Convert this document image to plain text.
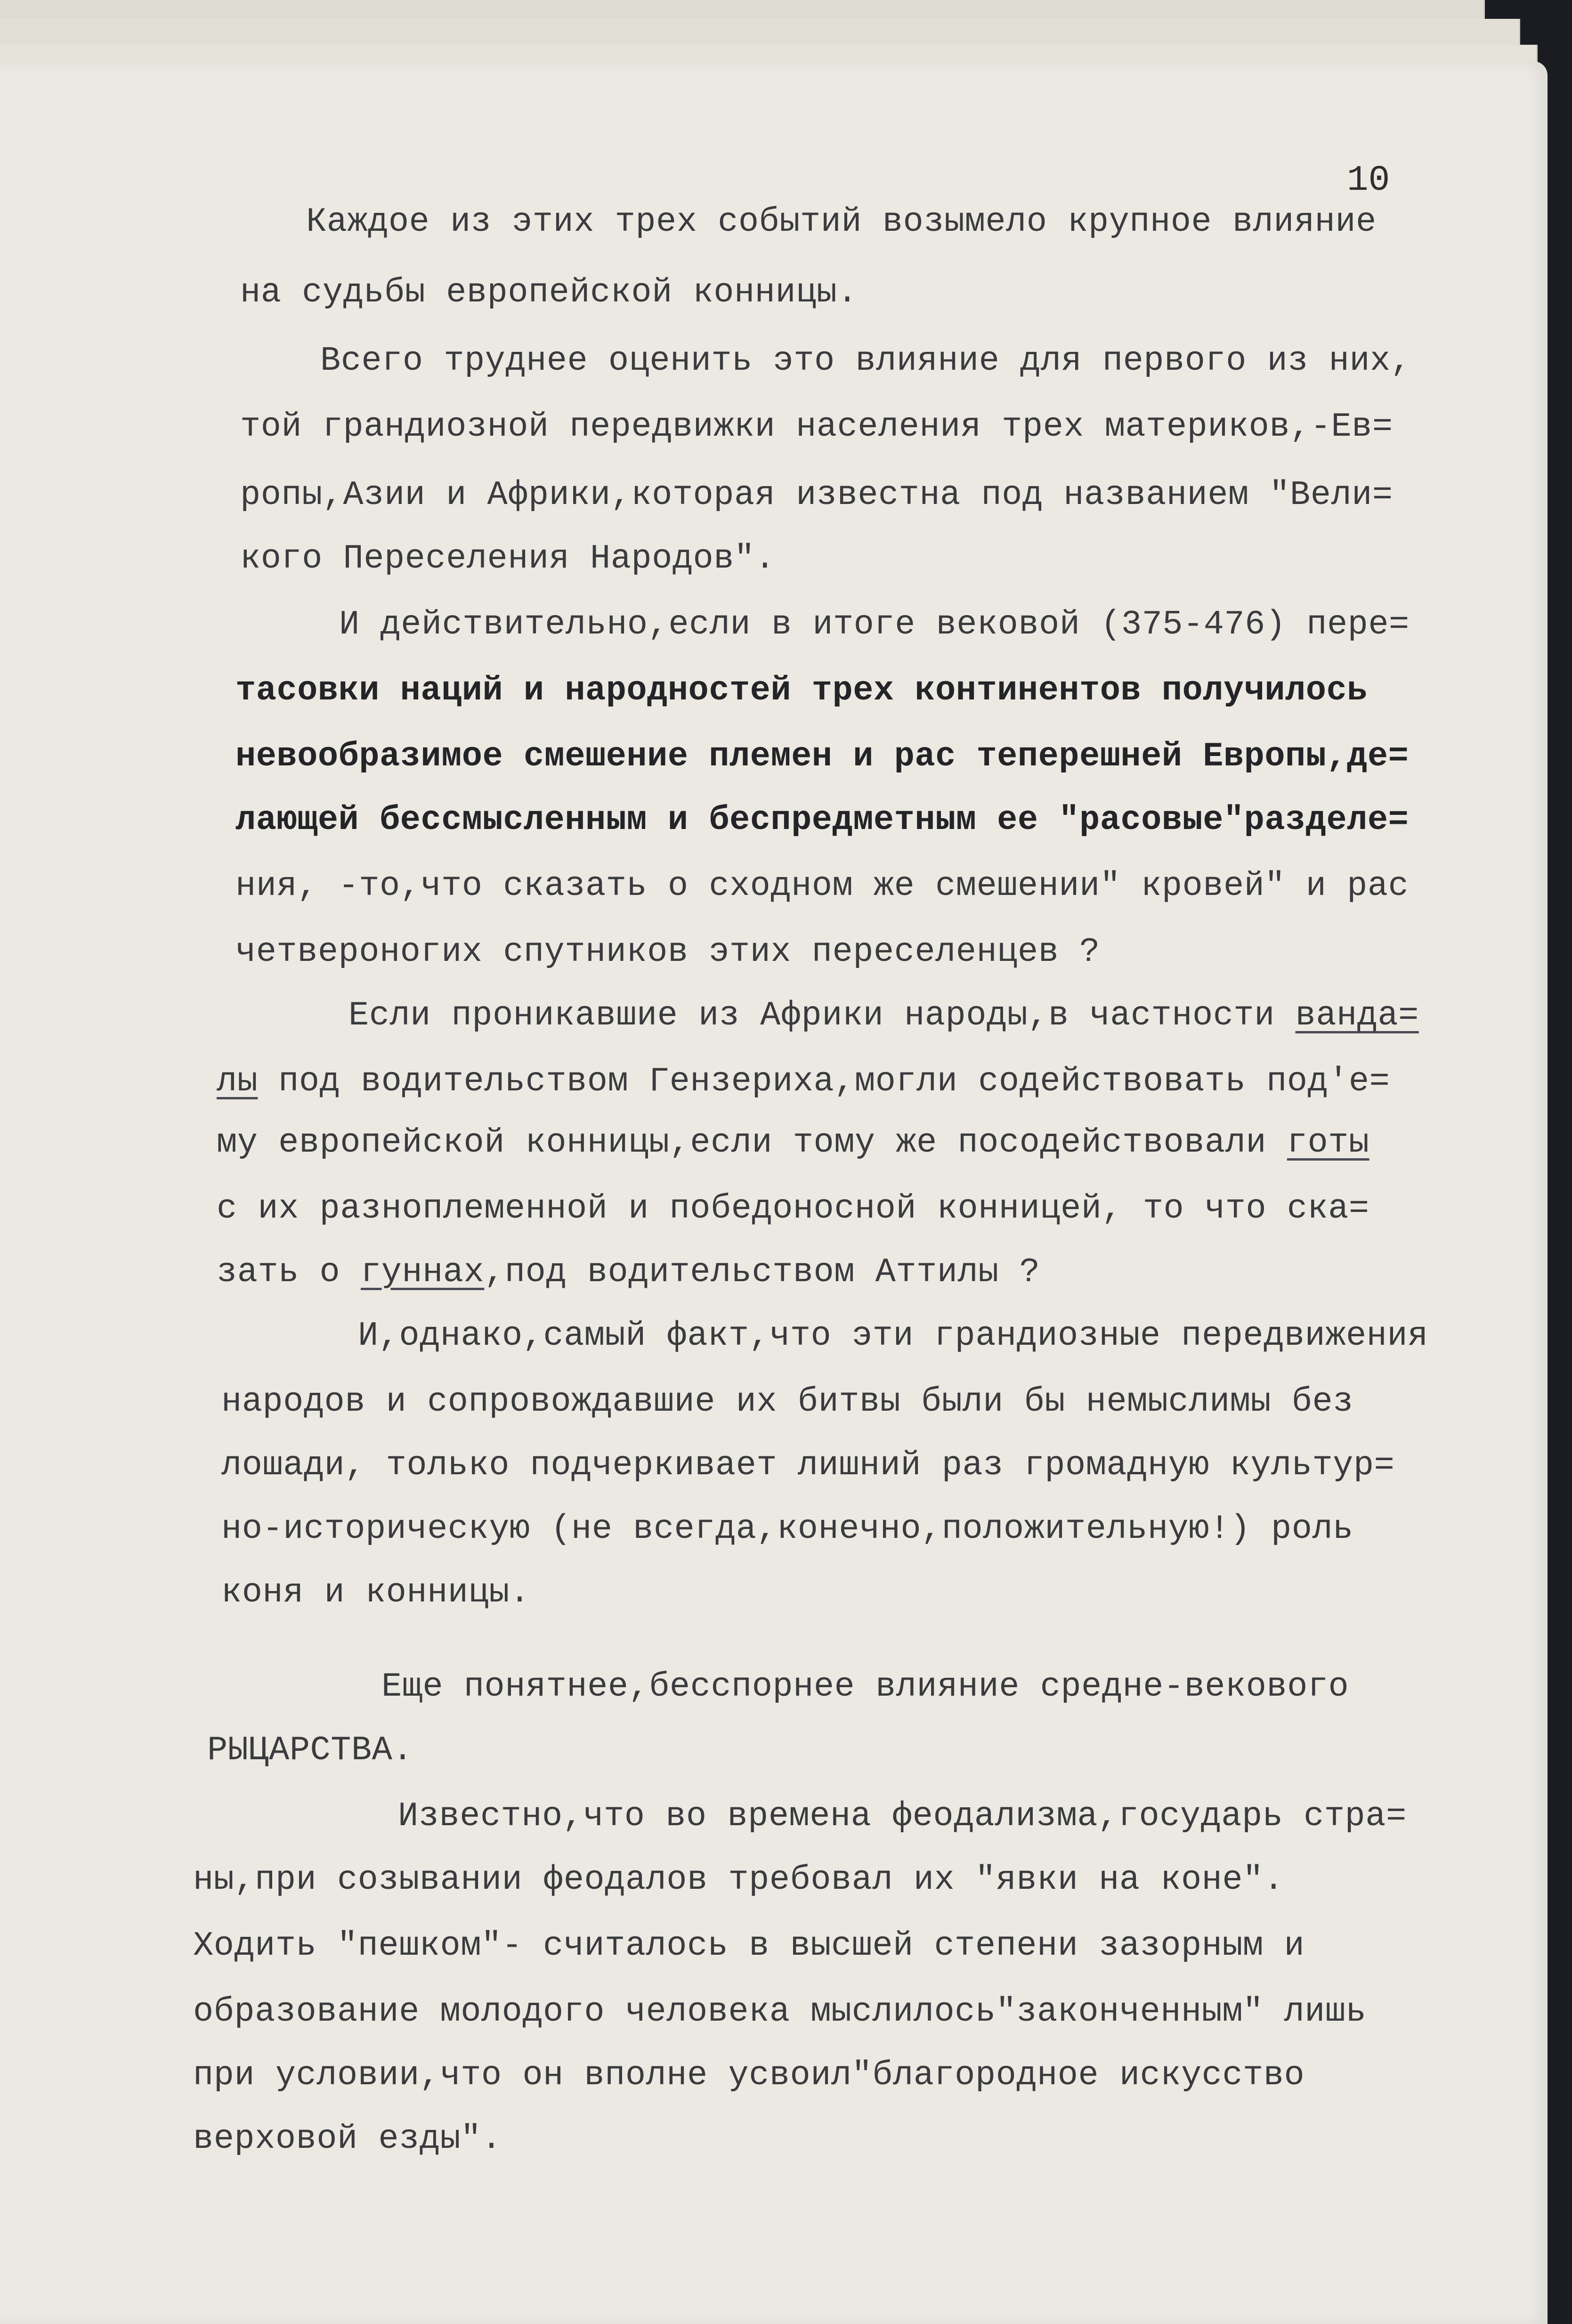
10
Каждое из этих трех событий возымело крупное влияние
на судьбы европейской конницы.
Всего труднее оценить это влияние для первого из них,
той грандиозной передвижки населения трех материков,-Ев=
ропы,Азии и Африки,которая известна под названием "Вели=
кого Переселения Народов".
И действительно,если в итоге вековой (375-476) пере=
тасовки наций и народностей трех континентов получилось
невообразимое смешение племен и рас теперешней Европы,де=
лающей бессмысленным и беспредметным ее "расовые"разделе=
ния, -то,что сказать о сходном же смешении" кровей" и рас
четвероногих спутников этих переселенцев ?
Если проникавшие из Африки народы,в частности ванда=
лы под водительством Гензериха,могли содействовать под'е=
му европейской конницы,если тому же посодействовали готы
с их разноплеменной и победоносной конницей, то что ска=
зать о гуннах,под водительством Аттилы ?
И,однако,самый факт,что эти грандиозные передвижения
народов и сопровождавшие их битвы были бы немыслимы без
лошади, только подчеркивает лишний раз громадную культур=
но-историческую (не всегда,конечно,положительную!) роль
коня и конницы.
Еще понятнее,бесспорнее влияние средне-векового
РЫЦАРСТВА.
Известно,что во времена феодализма,государь стра=
ны,при созывании феодалов требовал их "явки на коне".
Ходить "пешком"- считалось в высшей степени зазорным и
образование молодого человека мыслилось"законченным" лишь
при условии,что он вполне усвоил"благородное искусство
верховой езды".
